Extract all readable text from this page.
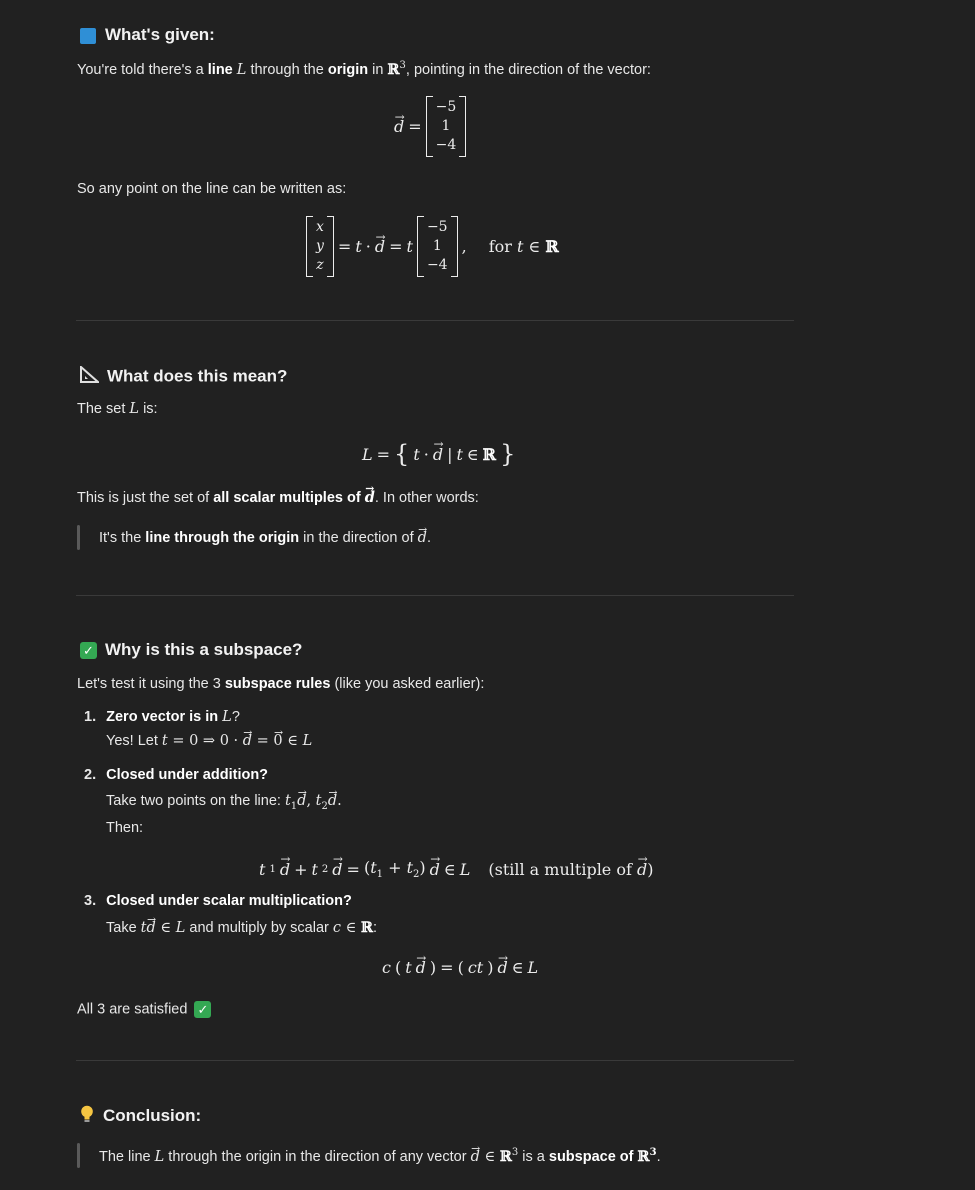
What's given:
You're told there's a line L through the origin in ℝ$^3$, pointing in the direction of the vector:
→ d =
−5
1
−4
So any point on the line can be written as:
x
y
z
= t ·
→ d = t
−5
1
−4
, for t ∈ ℝ
What does this mean?
The set L is:
L = { t ·
→ d | t ∈ ℝ }
This is just the set of all scalar multiples of → d. In other words:
It's the line through the origin in the direction of → d.
✓ Why is this a subspace?
Let's test it using the 3 subspace rules (like you asked earlier):
1. Zero vector is in L?
Yes! Let t = 0 ⇒ 0 · → d = → 0 ∈ L
2. Closed under addition?
Take two points on the line: $t_1\to d$, $t_2\to d$.
Then:
t 1
→ d + t 2
→ $d = (t_1 + t_2)$
→ d ∈ L (still a multiple of → d)
3. Closed under scalar multiplication?
Take t→ d ∈ L and multiply by scalar c ∈ ℝ:
c ( t
→ d ) = ( ct )
→ d ∈ L
All 3 are satisfied ✓
Conclusion:
The line L through the origin in the direction of any vector → d ∈ ℝ$^3$ is a subspace of ℝ$^3$.
